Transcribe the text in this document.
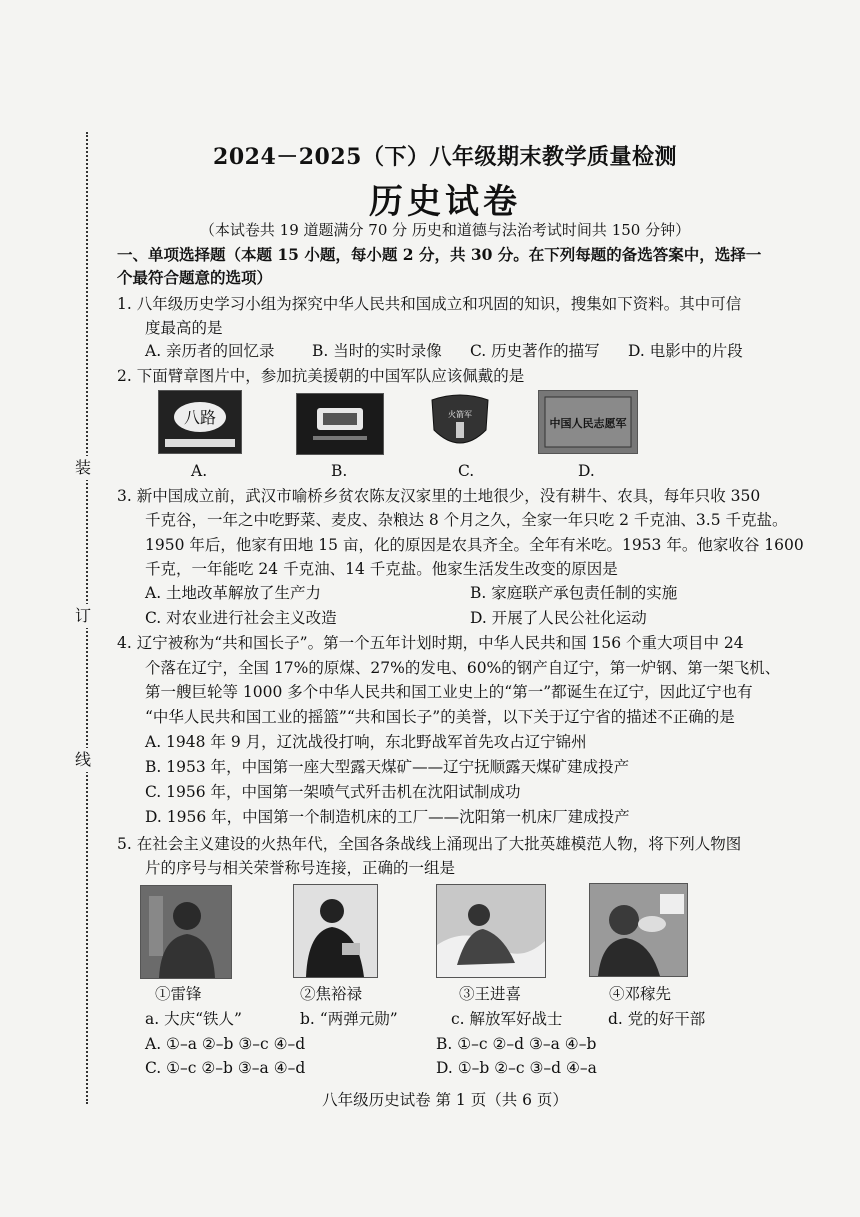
装
订
线
2024－2025（下）八年级期末教学质量检测
历史试卷
（本试卷共 19 道题满分 70 分 历史和道德与法治考试时间共 150 分钟）
一、单项选择题（本题 15 小题，每小题 2 分，共 30 分。在下列每题的备选答案中，选择一
个最符合题意的选项）
1. 八年级历史学习小组为探究中华人民共和国成立和巩固的知识，搜集如下资料。其中可信
度最高的是
A. 亲历者的回忆录 B. 当时的实时录像 C. 历史著作的描写 D. 电影中的片段
2. 下面臂章图片中，参加抗美援朝的中国军队应该佩戴的是
八路	火箭军
中国人民志愿军
A.	B.	C.	D.
3. 新中国成立前，武汉市喻桥乡贫农陈友汉家里的土地很少，没有耕牛、农具，每年只收 350
千克谷，一年之中吃野菜、麦皮、杂粮达 8 个月之久，全家一年只吃 2 千克油、3.5 千克盐。
1950 年后，他家有田地 15 亩，化的原因是农具齐全。全年有米吃。1953 年。他家收谷 1600
千克，一年能吃 24 千克油、14 千克盐。他家生活发生改变的原因是
A. 土地改革解放了生产力	B. 家庭联产承包责任制的实施
C. 对农业进行社会主义改造	D. 开展了人民公社化运动
4. 辽宁被称为“共和国长子”。第一个五年计划时期，中华人民共和国 156 个重大项目中 24
个落在辽宁，全国 17%的原煤、27%的发电、60%的钢产自辽宁，第一炉钢、第一架飞机、
第一艘巨轮等 1000 多个中华人民共和国工业史上的“第一”都诞生在辽宁，因此辽宁也有
“中华人民共和国工业的摇篮”“共和国长子”的美誉，以下关于辽宁省的描述不正确的是
A. 1948 年 9 月，辽沈战役打响，东北野战军首先攻占辽宁锦州
B. 1953 年，中国第一座大型露天煤矿——辽宁抚顺露天煤矿建成投产
C. 1956 年，中国第一架喷气式歼击机在沈阳试制成功
D. 1956 年，中国第一个制造机床的工厂——沈阳第一机床厂建成投产
5. 在社会主义建设的火热年代，全国各条战线上涌现出了大批英雄模范人物，将下列人物图
片的序号与相关荣誉称号连接，正确的一组是
①雷锋	②焦裕禄	③王进喜	④邓稼先
a. 大庆“铁人”	b. “两弹元勋”	c. 解放军好战士	d. 党的好干部
A. ①–a ②–b ③–c ④–d	B. ①–c ②–d ③–a ④–b
C. ①–c ②–b ③–a ④–d	D. ①–b ②–c ③–d ④–a
八年级历史试卷 第 1 页（共 6 页）
